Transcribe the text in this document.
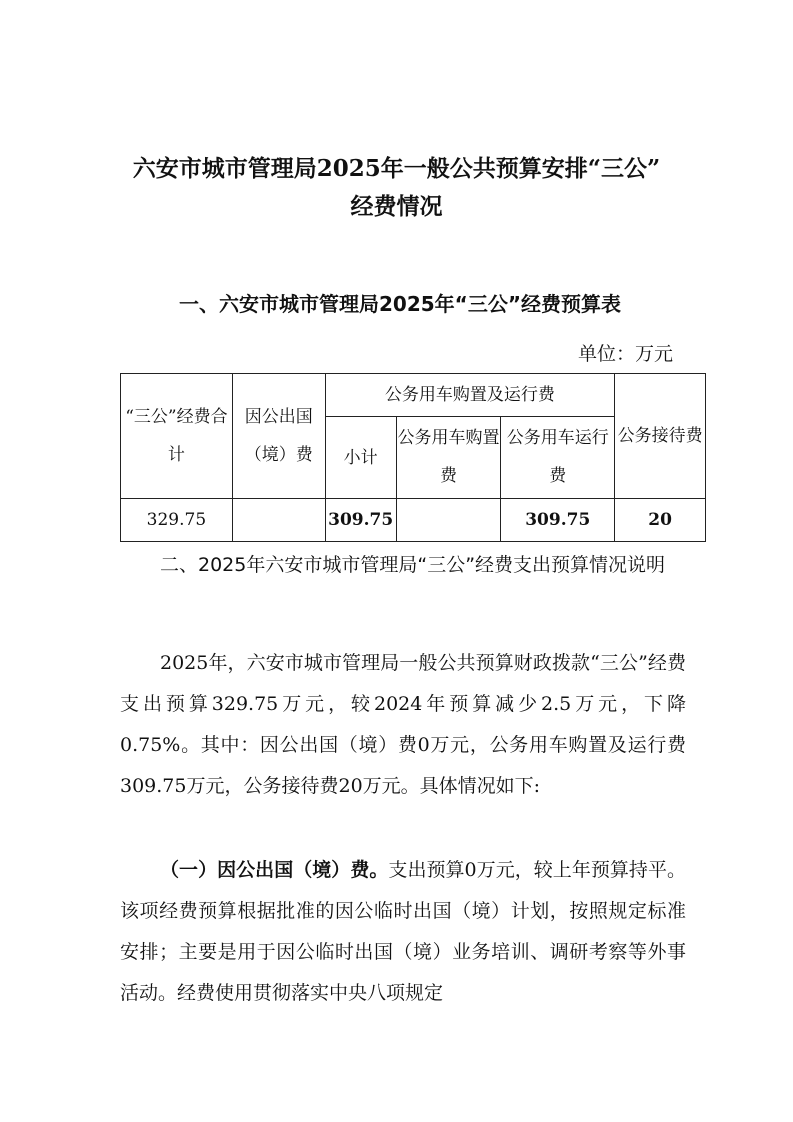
六安市城市管理局2025年一般公共预算安排“三公”
经费情况
一、六安市城市管理局2025年“三公”经费预算表

单位：万元

“三公”经费合计	因公出国（境）费	公务用车购置及运行费			公务接待费
		小计	公务用车购置费	公务用车运行费	
329.75		309.75		309.75	20

二、2025年六安市城市管理局“三公”经费支出预算情况说明

2025年，六安市城市管理局一般公共预算财政拨款“三公”经费支出预算329.75万元，较2024年预算减少2.5万元，下降0.75%。其中：因公出国（境）费0万元，公务用车购置及运行费309.75万元，公务接待费20万元。具体情况如下:

（一）因公出国（境）费。支出预算0万元，较上年预算持平。该项经费预算根据批准的因公临时出国（境）计划，按照规定标准安排；主要是用于因公临时出国（境）业务培训、调研考察等外事活动。经费使用贯彻落实中央八项规定
